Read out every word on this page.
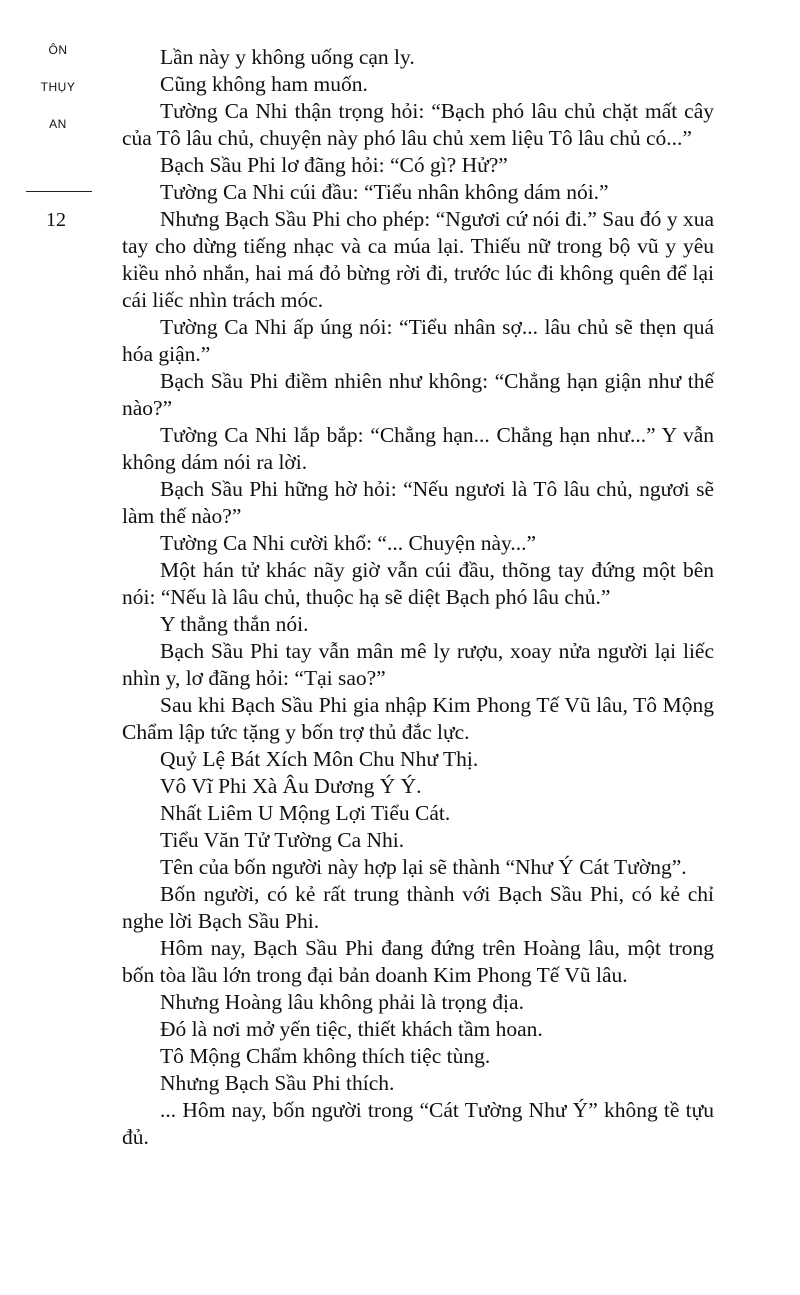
ÔN
THỤY
AN
12

Lần này y không uống cạn ly.

Cũng không ham muốn.

Tường Ca Nhi thận trọng hỏi: “Bạch phó lâu chủ chặt mất cây của Tô lâu chủ, chuyện này phó lâu chủ xem liệu Tô lâu chủ có...”

Bạch Sầu Phi lơ đãng hỏi: “Có gì? Hử?”

Tường Ca Nhi cúi đầu: “Tiểu nhân không dám nói.”

Nhưng Bạch Sầu Phi cho phép: “Ngươi cứ nói đi.” Sau đó y xua tay cho dừng tiếng nhạc và ca múa lại. Thiếu nữ trong bộ vũ y yêu kiều nhỏ nhắn, hai má đỏ bừng rời đi, trước lúc đi không quên để lại cái liếc nhìn trách móc.

Tường Ca Nhi ấp úng nói: “Tiểu nhân sợ... lâu chủ sẽ thẹn quá hóa giận.”

Bạch Sầu Phi điềm nhiên như không: “Chẳng hạn giận như thế nào?”

Tường Ca Nhi lắp bắp: “Chẳng hạn... Chẳng hạn như...” Y vẫn không dám nói ra lời.

Bạch Sầu Phi hững hờ hỏi: “Nếu ngươi là Tô lâu chủ, ngươi sẽ làm thế nào?”

Tường Ca Nhi cười khổ: “... Chuyện này...”

Một hán tử khác nãy giờ vẫn cúi đầu, thõng tay đứng một bên nói: “Nếu là lâu chủ, thuộc hạ sẽ diệt Bạch phó lâu chủ.”

Y thẳng thắn nói.

Bạch Sầu Phi tay vẫn mân mê ly rượu, xoay nửa người lại liếc nhìn y, lơ đãng hỏi: “Tại sao?”

Sau khi Bạch Sầu Phi gia nhập Kim Phong Tế Vũ lâu, Tô Mộng Chẩm lập tức tặng y bốn trợ thủ đắc lực.

Quỷ Lệ Bát Xích Môn Chu Như Thị.

Vô Vĩ Phi Xà Âu Dương Ý Ý.

Nhất Liêm U Mộng Lợi Tiểu Cát.

Tiểu Văn Tử Tường Ca Nhi.

Tên của bốn người này hợp lại sẽ thành “Như Ý Cát Tường”.

Bốn người, có kẻ rất trung thành với Bạch Sầu Phi, có kẻ chỉ nghe lời Bạch Sầu Phi.

Hôm nay, Bạch Sầu Phi đang đứng trên Hoàng lâu, một trong bốn tòa lầu lớn trong đại bản doanh Kim Phong Tế Vũ lâu.

Nhưng Hoàng lâu không phải là trọng địa.

Đó là nơi mở yến tiệc, thiết khách tầm hoan.

Tô Mộng Chẩm không thích tiệc tùng.

Nhưng Bạch Sầu Phi thích.

... Hôm nay, bốn người trong “Cát Tường Như Ý” không tề tựu đủ.
